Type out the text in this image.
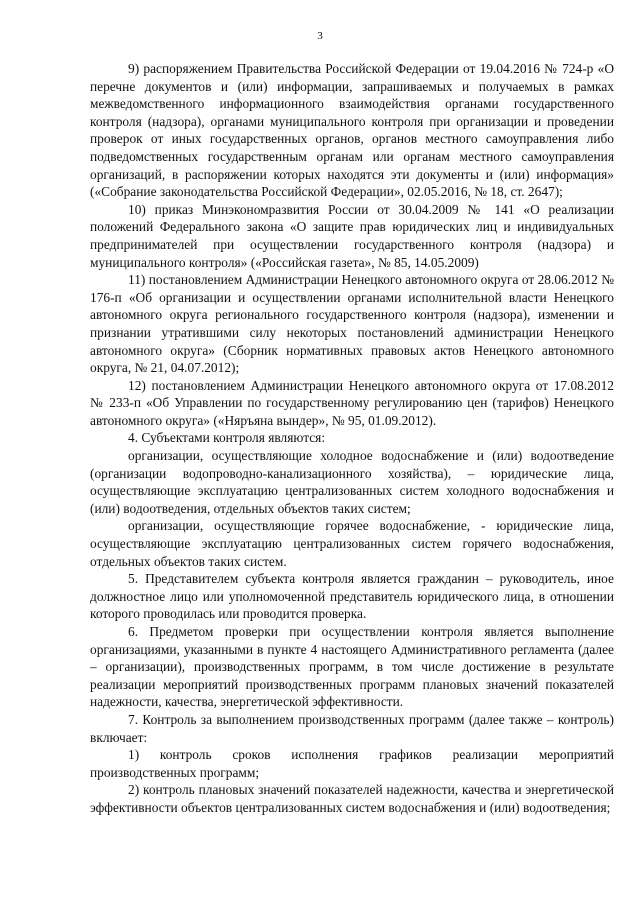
3

9) распоряжением Правительства Российской Федерации от 19.04.2016 № 724-р «О перечне документов и (или) информации, запрашиваемых и получаемых в рамках межведомственного информационного взаимодействия органами государственного контроля (надзора), органами муниципального контроля при организации и проведении проверок от иных государственных органов, органов местного самоуправления либо подведомственных государственным органам или органам местного самоуправления организаций, в распоряжении которых находятся эти документы и (или) информация» («Собрание законодательства Российской Федерации», 02.05.2016, № 18, ст. 2647);

10) приказ Минэкономразвития России от 30.04.2009 № 141 «О реализации положений Федерального закона «О защите прав юридических лиц и индивидуальных предпринимателей при осуществлении государственного контроля (надзора) и муниципального контроля» («Российская газета», № 85, 14.05.2009)

11) постановлением Администрации Ненецкого автономного округа от 28.06.2012 № 176-п «Об организации и осуществлении органами исполнительной власти Ненецкого автономного округа регионального государственного контроля (надзора), изменении и признании утратившими силу некоторых постановлений администрации Ненецкого автономного округа» (Сборник нормативных правовых актов Ненецкого автономного округа, № 21, 04.07.2012);

12) постановлением Администрации Ненецкого автономного округа от 17.08.2012 № 233-п «Об Управлении по государственному регулированию цен (тарифов) Ненецкого автономного округа» («Няръяна вындер», № 95, 01.09.2012).

4. Субъектами контроля являются:

организации, осуществляющие холодное водоснабжение и (или) водоотведение (организации водопроводно-канализационного хозяйства), – юридические лица, осуществляющие эксплуатацию централизованных систем холодного водоснабжения и (или) водоотведения, отдельных объектов таких систем;

организации, осуществляющие горячее водоснабжение, - юридические лица, осуществляющие эксплуатацию централизованных систем горячего водоснабжения, отдельных объектов таких систем.

5. Представителем субъекта контроля является гражданин – руководитель, иное должностное лицо или уполномоченной представитель юридического лица, в отношении которого проводилась или проводится проверка.

6. Предметом проверки при осуществлении контроля является выполнение организациями, указанными в пункте 4 настоящего Административного регламента (далее – организации), производственных программ, в том числе достижение в результате реализации мероприятий производственных программ плановых значений показателей надежности, качества, энергетической эффективности.

7. Контроль за выполнением производственных программ (далее также – контроль) включает:

1) контроль сроков исполнения графиков реализации мероприятий производственных программ;

2) контроль плановых значений показателей надежности, качества и энергетической эффективности объектов централизованных систем водоснабжения и (или) водоотведения;
